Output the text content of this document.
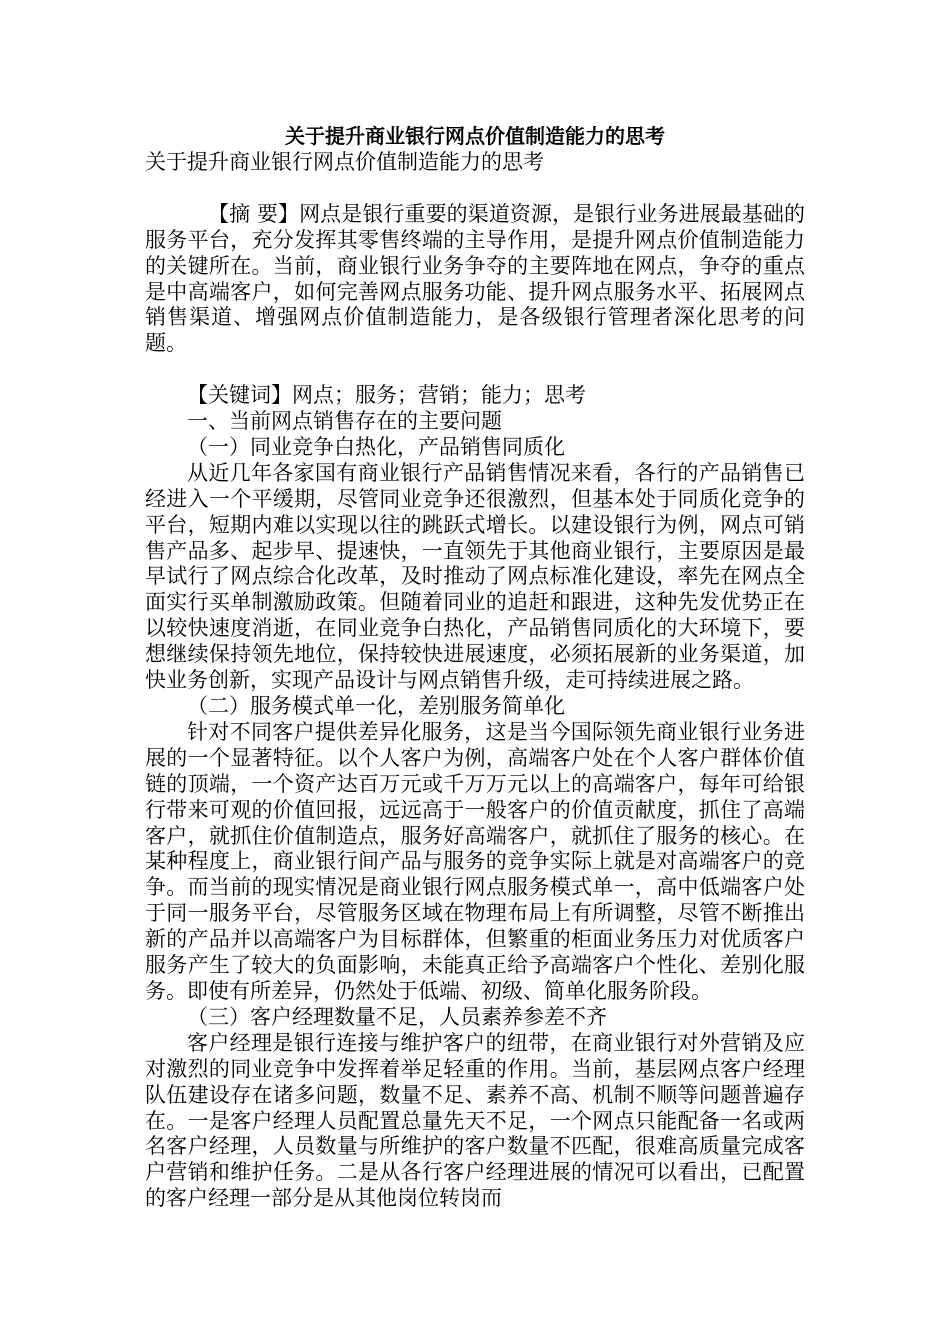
关于提升商业银行网点价值制造能力的思考

关于提升商业银行网点价值制造能力的思考

【摘 要】网点是银行重要的渠道资源，是银行业务进展最基础的服务平台，充分发挥其零售终端的主导作用，是提升网点价值制造能力的关键所在。当前，商业银行业务争夺的主要阵地在网点，争夺的重点是中高端客户，如何完善网点服务功能、提升网点服务水平、拓展网点销售渠道、增强网点价值制造能力，是各级银行管理者深化思考的问题。

【关键词】网点；服务；营销；能力；思考

一、当前网点销售存在的主要问题

（一）同业竞争白热化，产品销售同质化

从近几年各家国有商业银行产品销售情况来看，各行的产品销售已经进入一个平缓期，尽管同业竞争还很激烈，但基本处于同质化竞争的平台，短期内难以实现以往的跳跃式增长。以建设银行为例，网点可销售产品多、起步早、提速快，一直领先于其他商业银行，主要原因是最早试行了网点综合化改革，及时推动了网点标准化建设，率先在网点全面实行买单制激励政策。但随着同业的追赶和跟进，这种先发优势正在以较快速度消逝，在同业竞争白热化，产品销售同质化的大环境下，要想继续保持领先地位，保持较快进展速度，必须拓展新的业务渠道，加快业务创新，实现产品设计与网点销售升级，走可持续进展之路。

（二）服务模式单一化，差别服务简单化

针对不同客户提供差异化服务，这是当今国际领先商业银行业务进展的一个显著特征。以个人客户为例，高端客户处在个人客户群体价值链的顶端，一个资产达百万元或千万万元以上的高端客户，每年可给银行带来可观的价值回报，远远高于一般客户的价值贡献度，抓住了高端客户，就抓住价值制造点，服务好高端客户，就抓住了服务的核心。在某种程度上，商业银行间产品与服务的竞争实际上就是对高端客户的竞争。而当前的现实情况是商业银行网点服务模式单一，高中低端客户处于同一服务平台，尽管服务区域在物理布局上有所调整，尽管不断推出新的产品并以高端客户为目标群体，但繁重的柜面业务压力对优质客户服务产生了较大的负面影响，未能真正给予高端客户个性化、差别化服务。即使有所差异，仍然处于低端、初级、简单化服务阶段。

（三）客户经理数量不足，人员素养参差不齐

客户经理是银行连接与维护客户的纽带，在商业银行对外营销及应对激烈的同业竞争中发挥着举足轻重的作用。当前，基层网点客户经理队伍建设存在诸多问题，数量不足、素养不高、机制不顺等问题普遍存在。一是客户经理人员配置总量先天不足，一个网点只能配备一名或两名客户经理，人员数量与所维护的客户数量不匹配，很难高质量完成客户营销和维护任务。二是从各行客户经理进展的情况可以看出，已配置的客户经理一部分是从其他岗位转岗而
